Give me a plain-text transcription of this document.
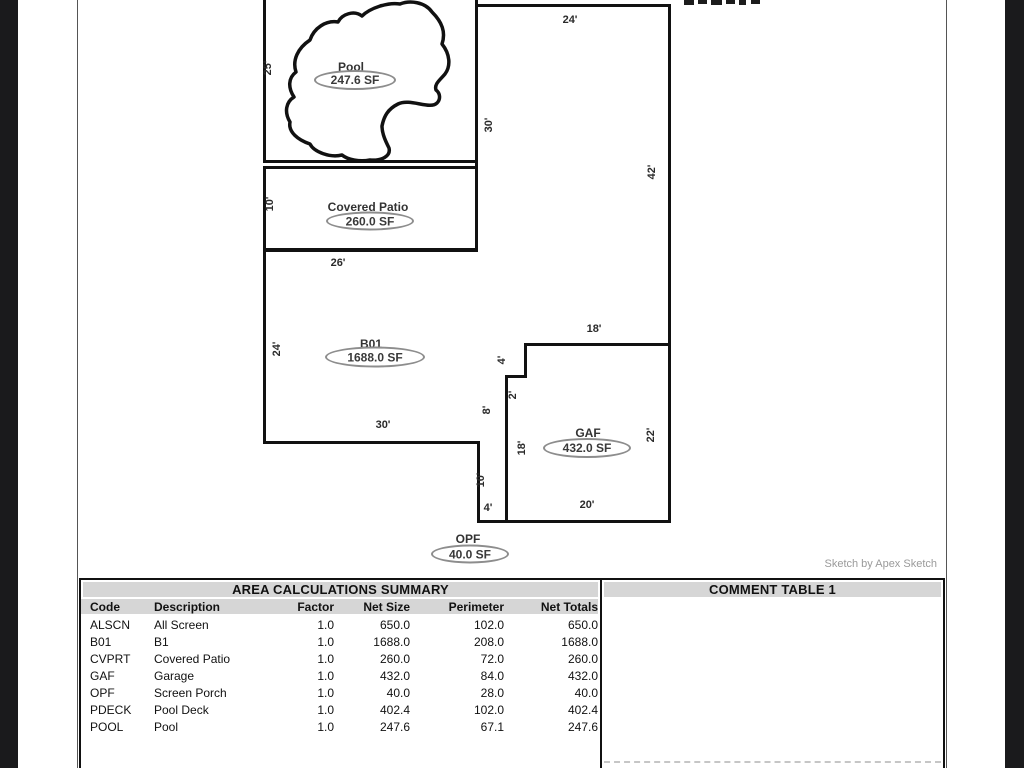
Pool
247.6 SF
Covered Patio
260.0 SF
B01
1688.0 SF
GAF
432.0 SF
OPF
40.0 SF
24'
25'
30'
42'
10'
26'
24'
18'
4'
2'
8'
30'
18'
22'
10'
4'	20'
Sketch by Apex Sketch
AREA CALCULATIONS SUMMARY
Code	Description	Factor	Net Size	Perimeter	Net Totals
ALSCN	All Screen	1.0	650.0	102.0	650.0
B01	B1	1.0	1688.0	208.0	1688.0
CVPRT	Covered Patio	1.0	260.0	72.0	260.0
GAF	Garage	1.0	432.0	84.0	432.0
OPF	Screen Porch	1.0	40.0	28.0	40.0
PDECK	Pool Deck	1.0	402.4	102.0	402.4
POOL	Pool	1.0	247.6	67.1	247.6
COMMENT TABLE 1
